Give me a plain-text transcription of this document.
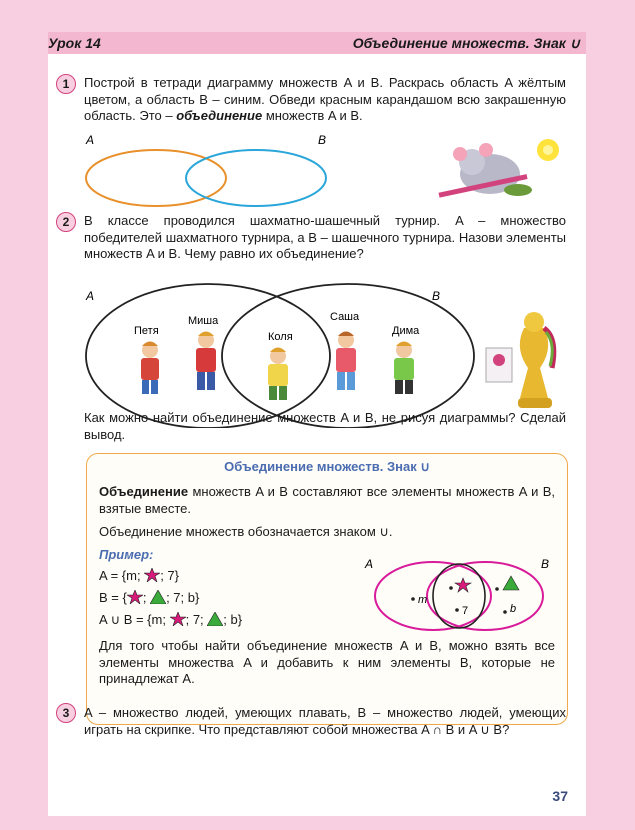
Урок 14	Объединение множеств. Знак ∪
1	Построй в тетради диаграмму множеств A и B. Раскрась область A жёлтым цветом, а область B – синим. Обведи красным карандашом всю закрашенную область. Это – объединение множеств A и B.
A	B
2	В классе проводился шахматно-шашечный турнир. A – множество победителей шахматного турнира, а B – шашечного турнира. Назови элементы множеств A и B. Чему равно их объединение?
A	B
Петя
Миша
Коля
Саша
Дима
Как можно найти объединение множеств A и B, не рисуя диаграммы? Сделай вывод.
Объединение множеств. Знак ∪
Объединение множеств A и B составляют все элементы множеств A и B, взятые вместе.
Объединение множеств обозначается знаком ∪.
Пример:
A = {m; ; 7}
B = { ; ; 7; b}
A ∪ B = {m; ; 7; ; b}
A	B
m
7	b
Для того чтобы найти объединение множеств A и B, можно взять все элементы множества A и добавить к ним элементы B, которые не принадлежат A.
3	A – множество людей, умеющих плавать, B – множество людей, умеющих играть на скрипке. Что представляют собой множества A ∩ B и A ∪ B?
37
